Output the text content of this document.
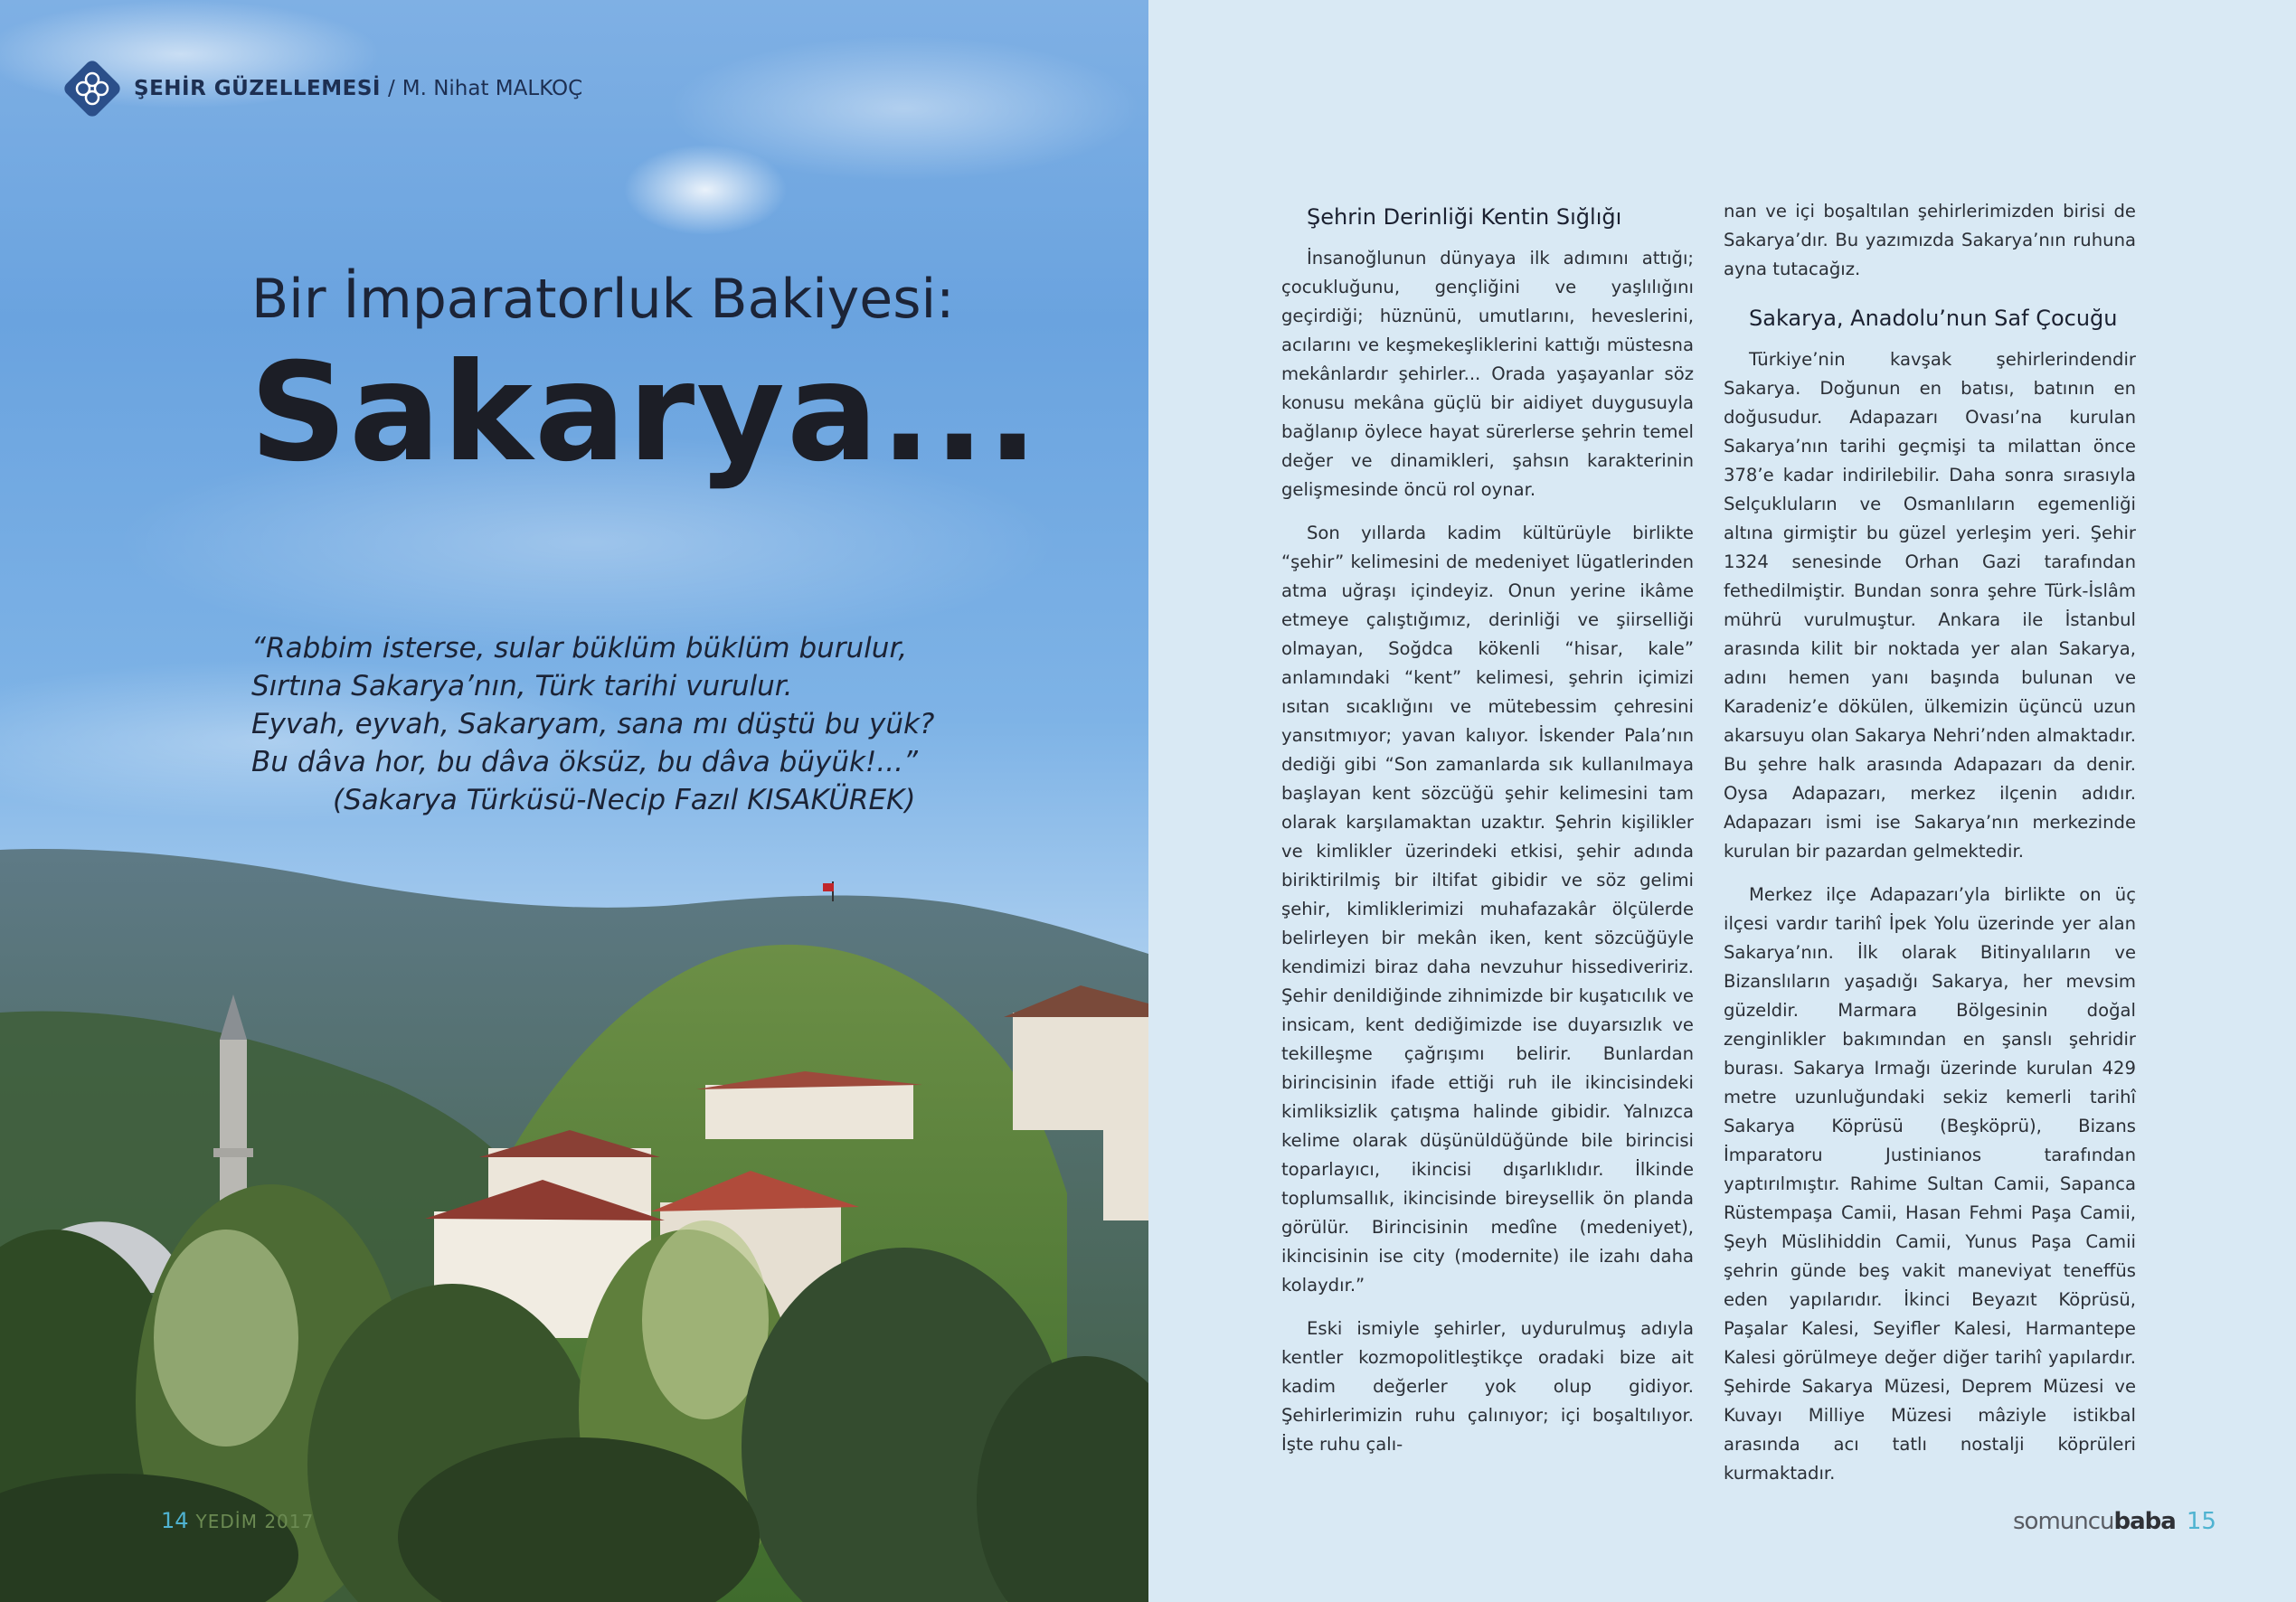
ŞEHİR GÜZELLEMESİ / M. Nihat MALKOÇ
Bir İmparatorluk Bakiyesi:
Sakarya...
“Rabbim isterse, sular büklüm büklüm burulur,
Sırtına Sakarya’nın, Türk tarihi vurulur.
Eyvah, eyvah, Sakaryam, sana mı düştü bu yük?
Bu dâva hor, bu dâva öksüz, bu dâva büyük!...”
(Sakarya Türküsü-Necip Fazıl KISAKÜREK)
14 YEDİM 2017
Şehrin Derinliği Kentin Sığlığı

İnsanoğlunun dünyaya ilk adımını attığı; çocukluğunu, gençliğini ve yaşlılığını geçirdiği; hüznünü, umutlarını, heveslerini, acılarını ve keşmekeşliklerini kattığı müstesna mekânlardır şehirler... Orada yaşayanlar söz konusu mekâna güçlü bir aidiyet duygusuyla bağlanıp öylece hayat sürerlerse şehrin temel değer ve dinamikleri, şahsın karakterinin gelişmesinde öncü rol oynar.

Son yıllarda kadim kültürüyle birlikte “şehir” kelimesini de medeniyet lügatlerinden atma uğraşı içindeyiz. Onun yerine ikâme etmeye çalıştığımız, derinliği ve şiirselliği olmayan, Soğdca kökenli “hisar, kale” anlamındaki “kent” kelimesi, şehrin içimizi ısıtan sıcaklığını ve mütebessim çehresini yansıtmıyor; yavan kalıyor. İskender Pala’nın dediği gibi “Son zamanlarda sık kullanılmaya başlayan kent sözcüğü şehir kelimesini tam olarak karşılamaktan uzaktır. Şehrin kişilikler ve kimlikler üzerindeki etkisi, şehir adında biriktirilmiş bir iltifat gibidir ve söz gelimi şehir, kimliklerimizi muhafazakâr ölçülerde belirleyen bir mekân iken, kent sözcüğüyle kendimizi biraz daha nevzuhur hissediveririz. Şehir denildiğinde zihnimizde bir kuşatıcılık ve insicam, kent dediğimizde ise duyarsızlık ve tekilleşme çağrışımı belirir. Bunlardan birincisinin ifade ettiği ruh ile ikincisindeki kimliksizlik çatışma halinde gibidir. Yalnızca kelime olarak düşünüldüğünde bile birincisi toparlayıcı, ikincisi dışarlıklıdır. İlkinde toplumsallık, ikincisinde bireysellik ön planda görülür. Birincisinin medîne (medeniyet), ikincisinin ise city (modernite) ile izahı daha kolaydır.”

Eski ismiyle şehirler, uydurulmuş adıyla kentler kozmopolitleştikçe oradaki bize ait kadim değerler yok olup gidiyor. Şehirlerimizin ruhu çalınıyor; içi boşaltılıyor. İşte ruhu çalı-

nan ve içi boşaltılan şehirlerimizden birisi de Sakarya’dır. Bu yazımızda Sakarya’nın ruhuna ayna tutacağız.

Sakarya, Anadolu’nun Saf Çocuğu

Türkiye’nin kavşak şehirlerindendir Sakarya. Doğunun en batısı, batının en doğusudur. Adapazarı Ovası’na kurulan Sakarya’nın tarihi geçmişi ta milattan önce 378’e kadar indirilebilir. Daha sonra sırasıyla Selçukluların ve Osmanlıların egemenliği altına girmiştir bu güzel yerleşim yeri. Şehir 1324 senesinde Orhan Gazi tarafından fethedilmiştir. Bundan sonra şehre Türk-İslâm mührü vurulmuştur. Ankara ile İstanbul arasında kilit bir noktada yer alan Sakarya, adını hemen yanı başında bulunan ve Karadeniz’e dökülen, ülkemizin üçüncü uzun akarsuyu olan Sakarya Nehri’nden almaktadır. Bu şehre halk arasında Adapazarı da denir. Oysa Adapazarı, merkez ilçenin adıdır. Adapazarı ismi ise Sakarya’nın merkezinde kurulan bir pazardan gelmektedir.

Merkez ilçe Adapazarı’yla birlikte on üç ilçesi vardır tarihî İpek Yolu üzerinde yer alan Sakarya’nın. İlk olarak Bitinyalıların ve Bizanslıların yaşadığı Sakarya, her mevsim güzeldir. Marmara Bölgesinin doğal zenginlikler bakımından en şanslı şehridir burası. Sakarya Irmağı üzerinde kurulan 429 metre uzunluğundaki sekiz kemerli tarihî Sakarya Köprüsü (Beşköprü), Bizans İmparatoru Justinianos tarafından yaptırılmıştır. Rahime Sultan Camii, Sapanca Rüstempaşa Camii, Hasan Fehmi Paşa Camii, Şeyh Müslihiddin Camii, Yunus Paşa Camii şehrin günde beş vakit maneviyat teneffüs eden yapılarıdır. İkinci Beyazıt Köprüsü, Paşalar Kalesi, Seyifler Kalesi, Harmantepe Kalesi görülmeye değer diğer tarihî yapılardır. Şehirde Sakarya Müzesi, Deprem Müzesi ve Kuvayı Milliye Müzesi mâziyle istikbal arasında acı tatlı nostalji köprüleri kurmaktadır.

somuncubaba 15
